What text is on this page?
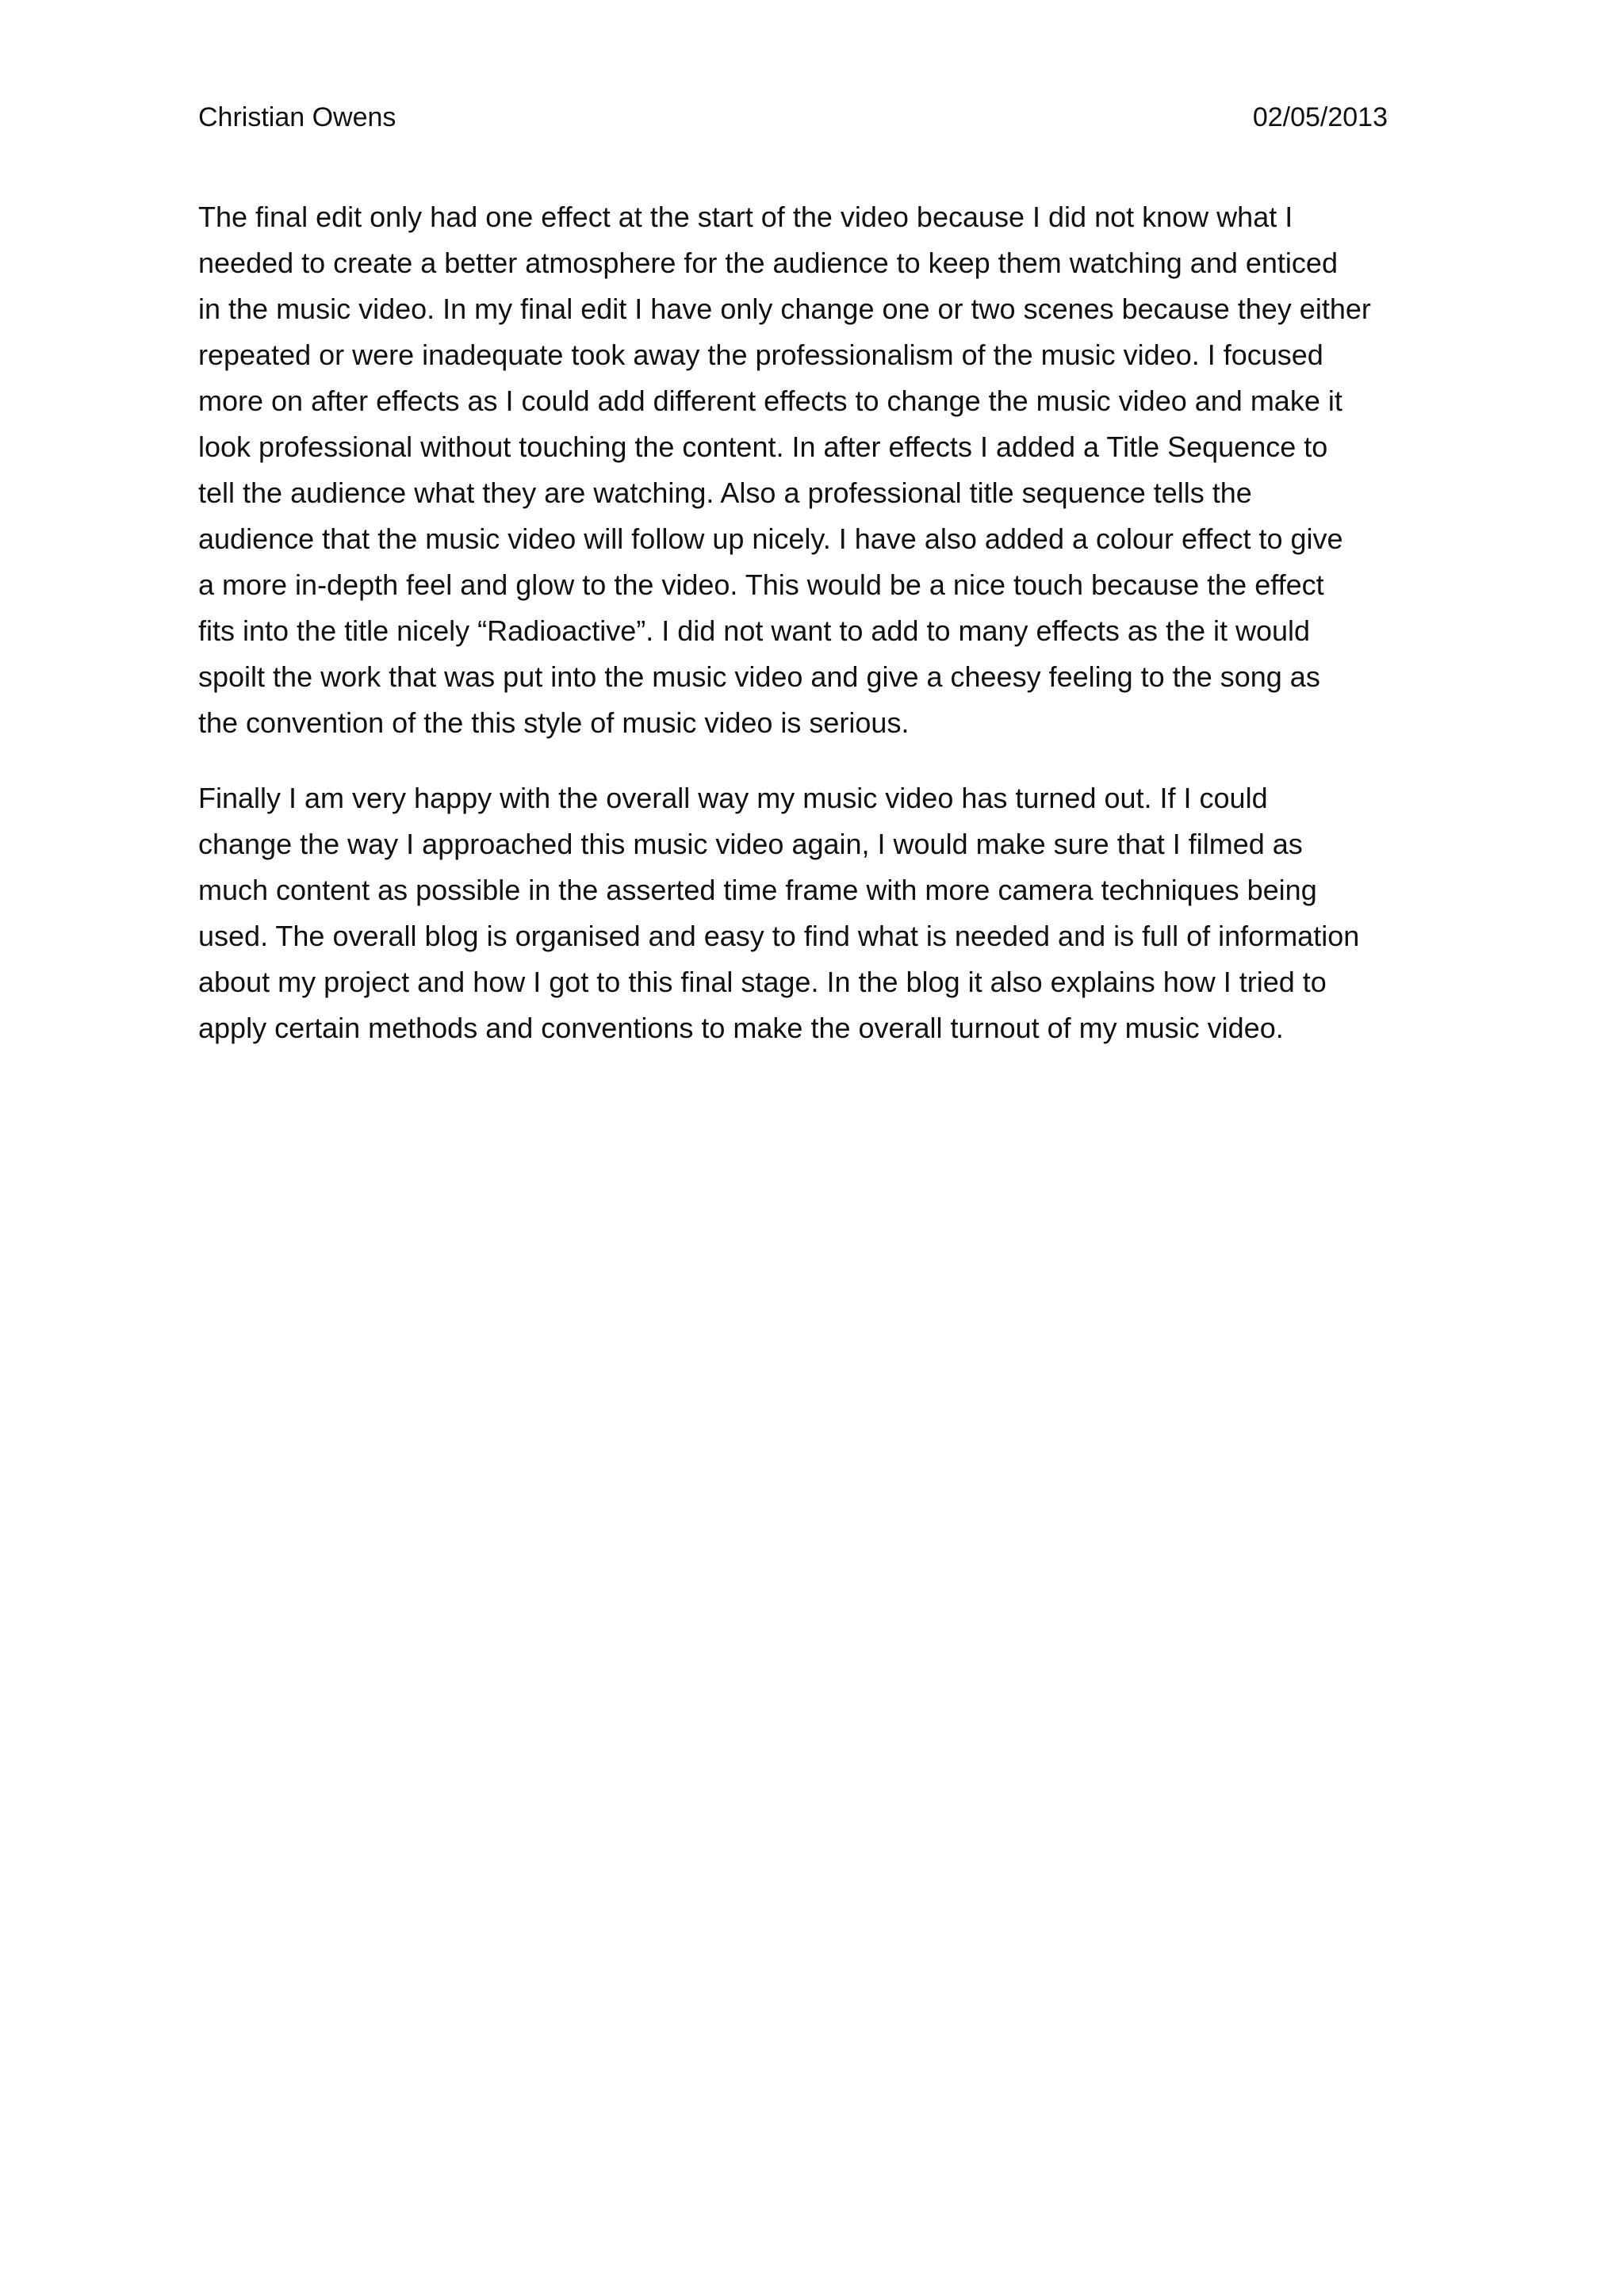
Christian Owens	02/05/2013

The final edit only had one effect at the start of the video because I did not know what I
needed to create a better atmosphere for the audience to keep them watching and enticed
in the music video. In my final edit I have only change one or two scenes because they either
repeated or were inadequate took away the professionalism of the music video. I focused
more on after effects as I could add different effects to change the music video and make it
look professional without touching the content. In after effects I added a Title Sequence to
tell the audience what they are watching. Also a professional title sequence tells the
audience that the music video will follow up nicely. I have also added a colour effect to give
a more in-depth feel and glow to the video. This would be a nice touch because the effect
fits into the title nicely “Radioactive”. I did not want to add to many effects as the it would
spoilt the work that was put into the music video and give a cheesy feeling to the song as
the convention of the this style of music video is serious.

Finally I am very happy with the overall way my music video has turned out. If I could
change the way I approached this music video again, I would make sure that I filmed as
much content as possible in the asserted time frame with more camera techniques being
used. The overall blog is organised and easy to find what is needed and is full of information
about my project and how I got to this final stage. In the blog it also explains how I tried to
apply certain methods and conventions to make the overall turnout of my music video.
